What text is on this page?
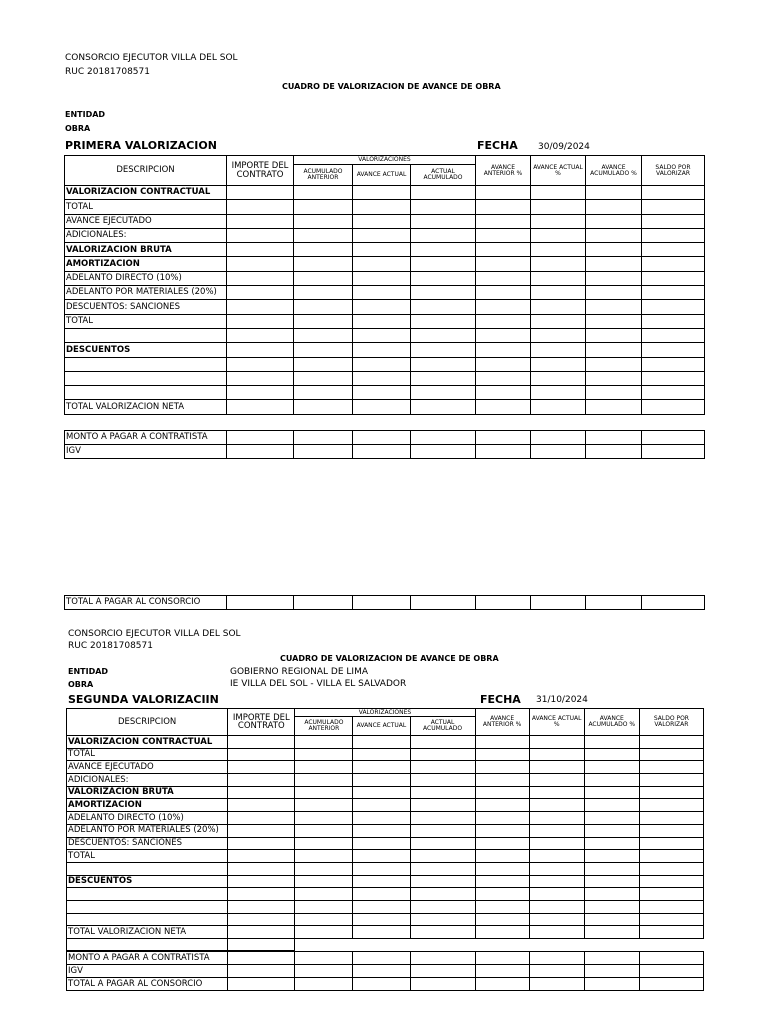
CONSORCIO EJECUTOR VILLA DEL SOL
RUC 20181708571
CUADRO DE VALORIZACION DE AVANCE DE OBRA
ENTIDAD
OBRA
PRIMERA VALORIZACION	FECHA 30/09/2024
DESCRIPCION	IMPORTE DEL CONTRATO	VALORIZACIONES			AVANCE ANTERIOR %	AVANCE ACTUAL %	AVANCE ACUMULADO %	SALDO POR VALORIZAR
		ACUMULADO ANTERIOR	AVANCE ACTUAL	ACTUAL ACUMULADO				
VALORIZACION CONTRACTUAL								
TOTAL								
AVANCE EJECUTADO								
ADICIONALES:								
VALORIZACION BRUTA								
AMORTIZACION								
ADELANTO DIRECTO (10%)								
ADELANTO POR MATERIALES (20%)								
DESCUENTOS: SANCIONES								
TOTAL								

DESCUENTOS								

TOTAL VALORIZACION NETA								
MONTO A PAGAR A CONTRATISTA								
IGV								
TOTAL A PAGAR AL CONSORCIO								
CONSORCIO EJECUTOR VILLA DEL SOL
RUC 20181708571
CUADRO DE VALORIZACION DE AVANCE DE OBRA
ENTIDAD	GOBIERNO REGIONAL DE LIMA
OBRA	IE VILLA DEL SOL - VILLA EL SALVADOR
SEGUNDA VALORIZACIIN	FECHA 31/10/2024
DESCRIPCION	IMPORTE DEL CONTRATO	VALORIZACIONES			AVANCE ANTERIOR %	AVANCE ACTUAL %	AVANCE ACUMULADO %	SALDO POR VALORIZAR
		ACUMULADO ANTERIOR	AVANCE ACTUAL	ACTUAL ACUMULADO				
VALORIZACION CONTRACTUAL								
TOTAL								
AVANCE EJECUTADO								
ADICIONALES:								
VALORIZACION BRUTA								
AMORTIZACION								
ADELANTO DIRECTO (10%)								
ADELANTO POR MATERIALES (20%)								
DESCUENTOS: SANCIONES								
TOTAL								

DESCUENTOS								

TOTAL VALORIZACION NETA								

MONTO A PAGAR A CONTRATISTA								
IGV								
TOTAL A PAGAR AL CONSORCIO								
